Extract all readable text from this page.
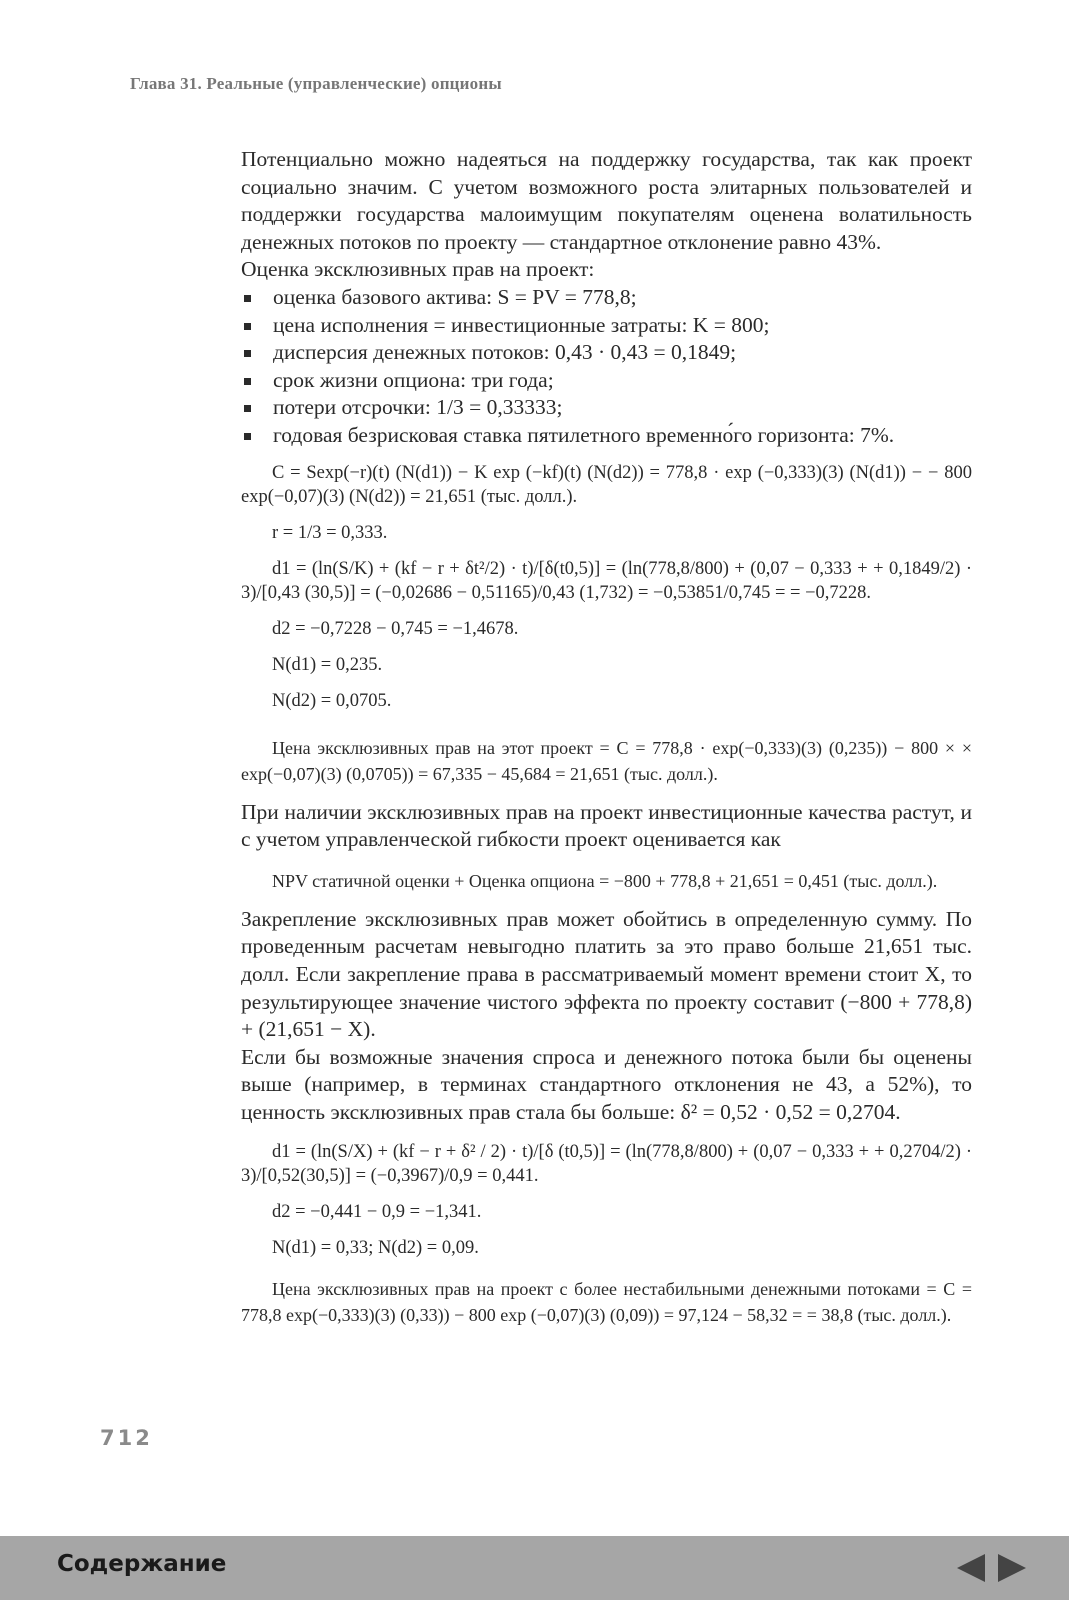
Глава 31. Реальные (управленческие) опционы

Потенциально можно надеяться на поддержку государства, так как проект социально значим. С учетом возможного роста элитарных пользователей и поддержки государства малоимущим покупателям оценена волатильность денежных потоков по проекту — стандартное отклонение равно 43%.

Оценка эксклюзивных прав на проект:

оценка базового актива: S = PV = 778,8;
цена исполнения = инвестиционные затраты: K = 800;
дисперсия денежных потоков: 0,43 · 0,43 = 0,1849;
срок жизни опциона: три года;
потери отсрочки: 1/3 = 0,33333;
годовая безрисковая ставка пятилетного временно́го горизонта: 7%.

C = Sexp(−r)(t) (N(d1)) − K exp (−kf)(t) (N(d2)) = 778,8 · exp (−0,333)(3) (N(d1)) − − 800 exp(−0,07)(3) (N(d2)) = 21,651 (тыс. долл.).

r = 1/3 = 0,333.

d1 = (ln(S/K) + (kf − r + δt²/2) · t)/[δ(t0,5)] = (ln(778,8/800) + (0,07 − 0,333 + + 0,1849/2) · 3)/[0,43 (30,5)] = (−0,02686 − 0,51165)/0,43 (1,732) = −0,53851/0,745 = = −0,7228.

d2 = −0,7228 − 0,745 = −1,4678.

N(d1) = 0,235.

N(d2) = 0,0705.

Цена эксклюзивных прав на этот проект = C = 778,8 · exp(−0,333)(3) (0,235)) − 800 × × exp(−0,07)(3) (0,0705)) = 67,335 − 45,684 = 21,651 (тыс. долл.).

При наличии эксклюзивных прав на проект инвестиционные качества растут, и с учетом управленческой гибкости проект оценивается как

NPV статичной оценки + Оценка опциона = −800 + 778,8 + 21,651 = 0,451 (тыс. долл.).

Закрепление эксклюзивных прав может обойтись в определенную сумму. По проведенным расчетам невыгодно платить за это право больше 21,651 тыс. долл. Если закрепление права в рассматриваемый момент времени стоит X, то результирующее значение чистого эффекта по проекту составит (−800 + 778,8) + (21,651 − X).

Если бы возможные значения спроса и денежного потока были бы оценены выше (например, в терминах стандартного отклонения не 43, а 52%), то ценность эксклюзивных прав стала бы больше: δ² = 0,52 · 0,52 = 0,2704.

d1 = (ln(S/X) + (kf − r + δ² / 2) · t)/[δ (t0,5)] = (ln(778,8/800) + (0,07 − 0,333 + + 0,2704/2) · 3)/[0,52(30,5)] = (−0,3967)/0,9 = 0,441.

d2 = −0,441 − 0,9 = −1,341.

N(d1) = 0,33; N(d2) = 0,09.

Цена эксклюзивных прав на проект с более нестабильными денежными потоками = C = 778,8 exp(−0,333)(3) (0,33)) − 800 exp (−0,07)(3) (0,09)) = 97,124 − 58,32 = = 38,8 (тыс. долл.).

712
Содержание
